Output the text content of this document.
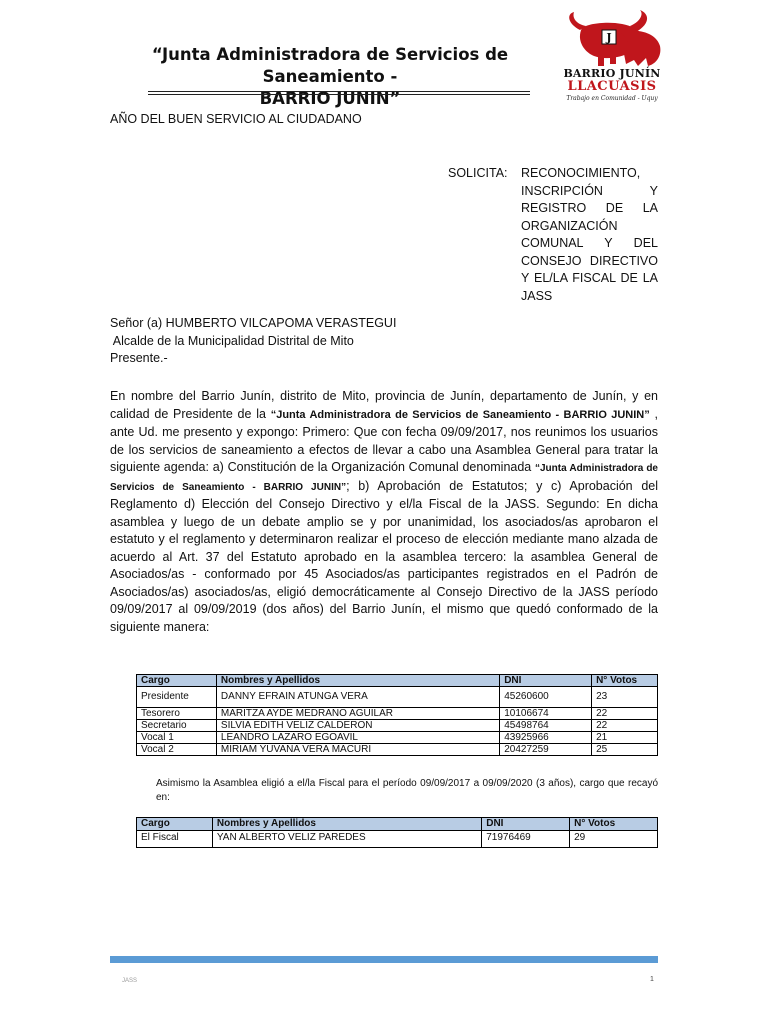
“Junta Administradora de Servicios de Saneamiento -
BARRIO JUNIN”
J
BARRIO JUNÍN
LLACUASIS
Trabajo en Comunidad - Uquy
AÑO DEL BUEN SERVICIO AL CIUDADANO
SOLICITA: RECONOCIMIENTO, INSCRIPCIÓN Y REGISTRO DE LA ORGANIZACIÓN COMUNAL Y DEL CONSEJO DIRECTIVO Y EL/LA FISCAL DE LA JASS
Señor (a) HUMBERTO VILCAPOMA VERASTEGUI
Alcalde de la Municipalidad Distrital de Mito
Presente.-
En nombre del Barrio Junín, distrito de Mito, provincia de Junín, departamento de Junín, y en calidad de Presidente de la “Junta Administradora de Servicios de Saneamiento - BARRIO JUNIN” , ante Ud. me presento y expongo: Primero: Que con fecha 09/09/2017, nos reunimos los usuarios de los servicios de saneamiento a efectos de llevar a cabo una Asamblea General para tratar la siguiente agenda: a) Constitución de la Organización Comunal denominada “Junta Administradora de Servicios de Saneamiento - BARRIO JUNIN”; b) Aprobación de Estatutos; y c) Aprobación del Reglamento d) Elección del Consejo Directivo y el/la Fiscal de la JASS. Segundo: En dicha asamblea y luego de un debate amplio se y por unanimidad, los asociados/as aprobaron el estatuto y el reglamento y determinaron realizar el proceso de elección mediante mano alzada de acuerdo al Art. 37 del Estatuto aprobado en la asamblea tercero: la asamblea General de Asociados/as - conformado por 45 Asociados/as participantes registrados en el Padrón de Asociados/as) asociados/as, eligió democráticamente al Consejo Directivo de la JASS período 09/09/2017 al 09/09/2019 (dos años) del Barrio Junín, el mismo que quedó conformado de la siguiente manera:
Cargo	Nombres y Apellidos	DNI	N° Votos
Presidente	DANNY EFRAIN ATUNGA VERA	45260600	23
Tesorero	MARITZA AYDE MEDRANO AGUILAR	10106674	22
Secretario	SILVIA EDITH VELIZ CALDERON	45498764	22
Vocal 1	LEANDRO LAZARO EGOAVIL	43925966	21
Vocal 2	MIRIAM YUVANA VERA MACURI	20427259	25
Asimismo la Asamblea eligió a el/la Fiscal para el período 09/09/2017 a 09/09/2020 (3 años), cargo que recayó en:
Cargo	Nombres y Apellidos	DNI	N° Votos
El Fiscal	YAN ALBERTO VELIZ PAREDES	71976469	29
JASS	1
